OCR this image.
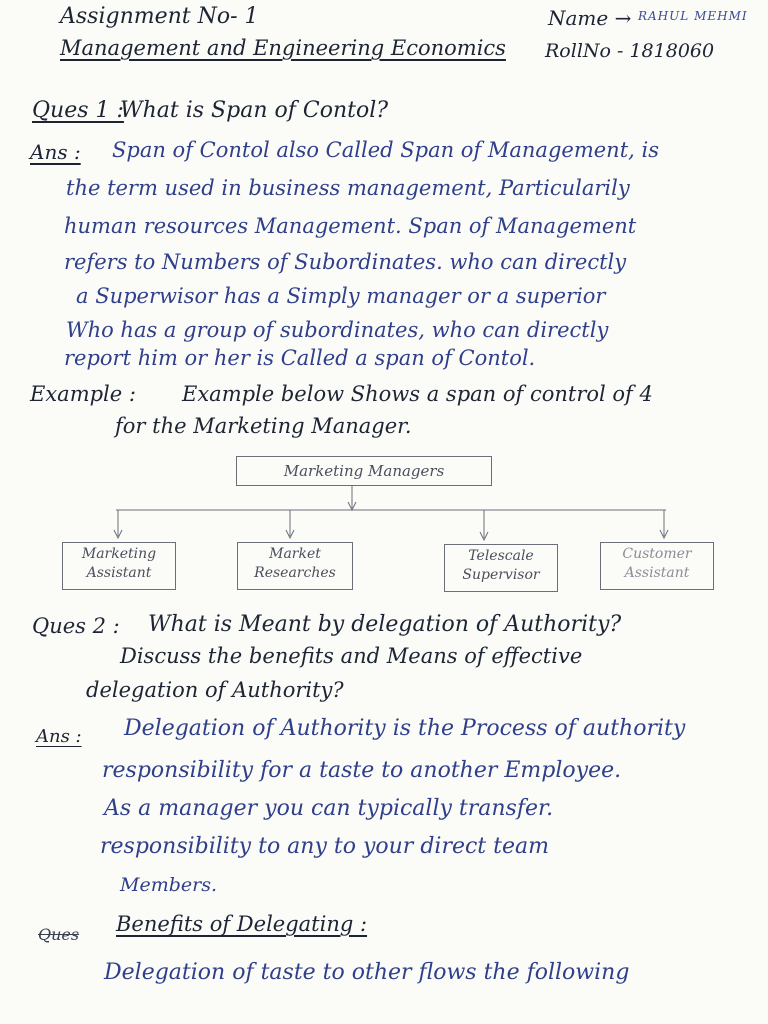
Assignment No- 1
Management and Engineering Economics
Name → RAHUL MEHMI
RollNo - 1818060
Ques 1 :
What is Span of Contol?
Ans : Span of Contol also Called Span of Management, is
the term used in business management, Particularily
human resources Management. Span of Management
refers to Numbers of Subordinates. who can directly
a Superwisor has a Simply manager or a superior
Who has a group of subordinates, who can directly
report him or her is Called a span of Contol.
Example : Example below Shows a span of control of 4
for the Marketing Manager.
Marketing Managers
Marketing Assistant
Market Researches
Telescale Supervisor
Customer Assistant
Ques 2 : What is Meant by delegation of Authority?
Discuss the benefits and Means of effective
delegation of Authority?
Ans : Delegation of Authority is the Process of authority
responsibility for a taste to another Employee.
As a manager you can typically transfer.
responsibility to any to your direct team
Members.
Ques Benefits of Delegating :
Delegation of taste to other flows the following
